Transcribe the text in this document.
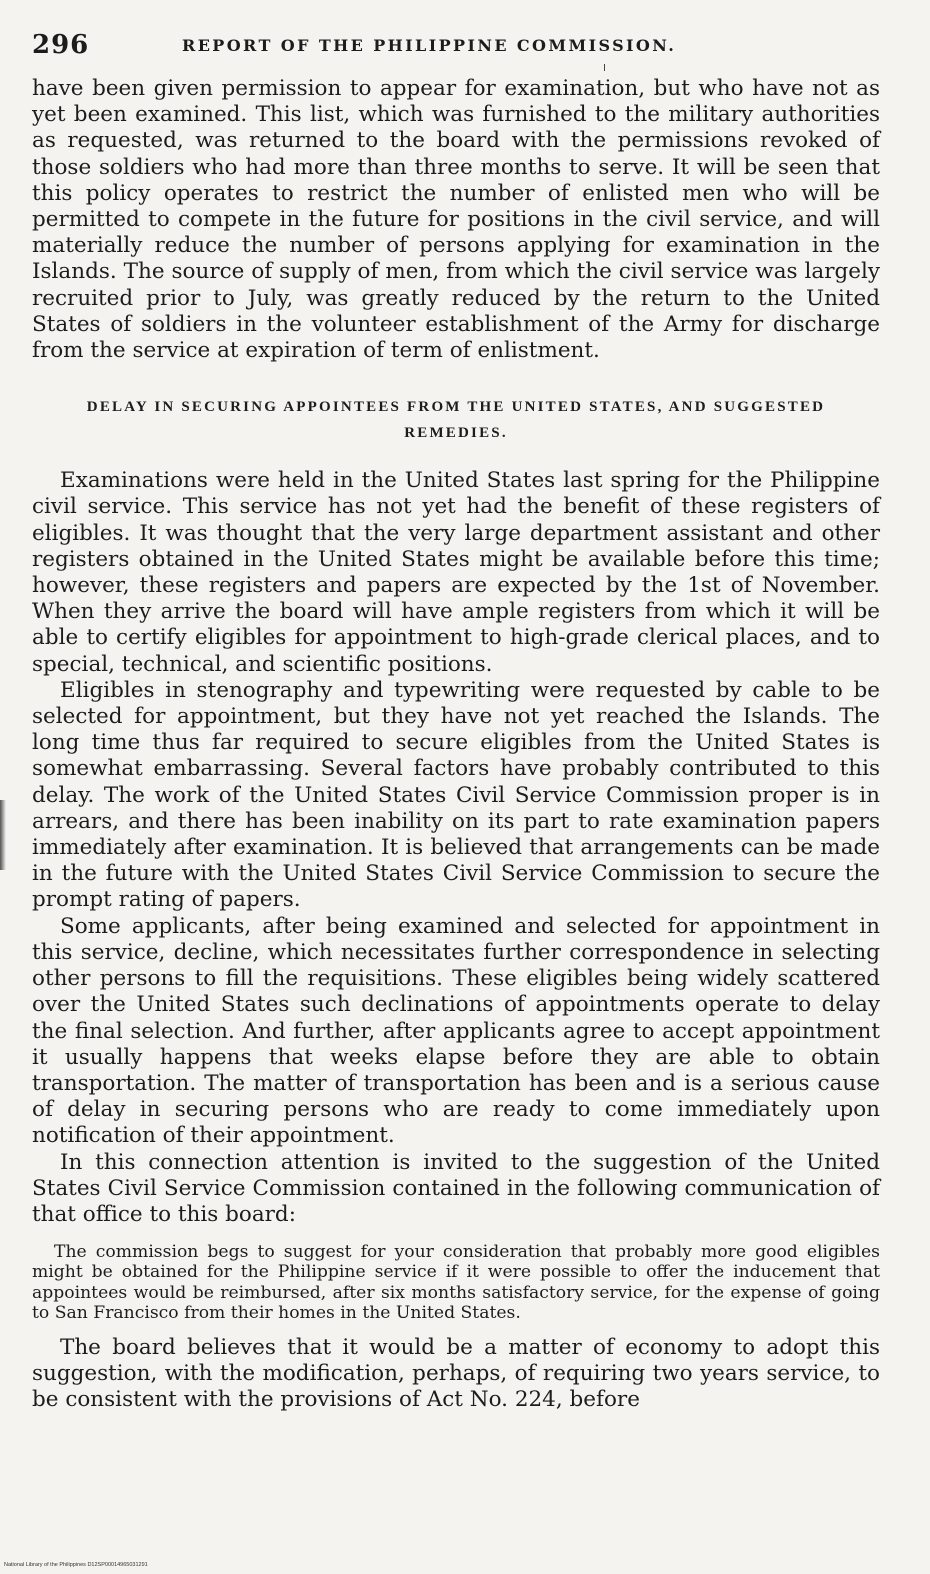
296	REPORT OF THE PHILIPPINE COMMISSION.

have been given permission to appear for examination, but who have not as yet been examined. This list, which was furnished to the military authorities as requested, was returned to the board with the permissions revoked of those soldiers who had more than three months to serve. It will be seen that this policy operates to restrict the number of enlisted men who will be permitted to compete in the future for positions in the civil service, and will materially reduce the number of persons applying for examination in the Islands. The source of supply of men, from which the civil service was largely recruited prior to July, was greatly reduced by the return to the United States of soldiers in the volunteer establishment of the Army for discharge from the service at expiration of term of enlistment.

DELAY IN SECURING APPOINTEES FROM THE UNITED STATES, AND SUGGESTED REMEDIES.

Examinations were held in the United States last spring for the Philippine civil service. This service has not yet had the benefit of these registers of eligibles. It was thought that the very large department assistant and other registers obtained in the United States might be available before this time; however, these registers and papers are expected by the 1st of November. When they arrive the board will have ample registers from which it will be able to certify eligibles for appointment to high-grade clerical places, and to special, technical, and scientific positions.

Eligibles in stenography and typewriting were requested by cable to be selected for appointment, but they have not yet reached the Islands. The long time thus far required to secure eligibles from the United States is somewhat embarrassing. Several factors have probably contributed to this delay. The work of the United States Civil Service Commission proper is in arrears, and there has been inability on its part to rate examination papers immediately after examination. It is believed that arrangements can be made in the future with the United States Civil Service Commission to secure the prompt rating of papers.

Some applicants, after being examined and selected for appointment in this service, decline, which necessitates further correspondence in selecting other persons to fill the requisitions. These eligibles being widely scattered over the United States such declinations of appointments operate to delay the final selection. And further, after applicants agree to accept appointment it usually happens that weeks elapse before they are able to obtain transportation. The matter of transportation has been and is a serious cause of delay in securing persons who are ready to come immediately upon notification of their appointment.

In this connection attention is invited to the suggestion of the United States Civil Service Commission contained in the following communication of that office to this board:

The commission begs to suggest for your consideration that probably more good eligibles might be obtained for the Philippine service if it were possible to offer the inducement that appointees would be reimbursed, after six months satisfactory service, for the expense of going to San Francisco from their homes in the United States.

The board believes that it would be a matter of economy to adopt this suggestion, with the modification, perhaps, of requiring two years service, to be consistent with the provisions of Act No. 224, before

National Library of the Philippines D12SP00014965031291
